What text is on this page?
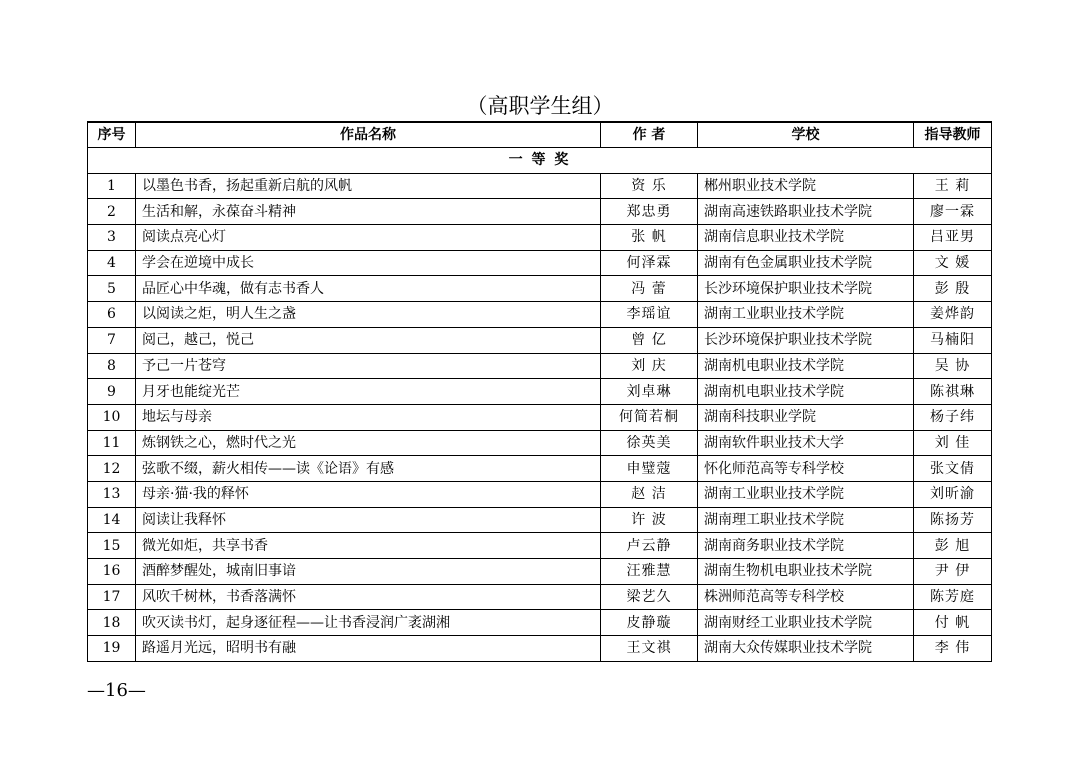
（高职学生组）
序号	作品名称	作 者	学校	指导教师
一 等 奖				
1	以墨色书香，扬起重新启航的风帆	资 乐	郴州职业技术学院	王 莉
2	生活和解，永葆奋斗精神	郑忠勇	湖南高速铁路职业技术学院	廖一霖
3	阅读点亮心灯	张 帆	湖南信息职业技术学院	吕亚男
4	学会在逆境中成长	何泽霖	湖南有色金属职业技术学院	文 媛
5	品匠心中华魂，做有志书香人	冯 蕾	长沙环境保护职业技术学院	彭 殷
6	以阅读之炬，明人生之盏	李瑶谊	湖南工业职业技术学院	姜烨韵
7	阅己，越己，悦己	曾 亿	长沙环境保护职业技术学院	马楠阳
8	予己一片苍穹	刘 庆	湖南机电职业技术学院	吴 协
9	月牙也能绽光芒	刘卓琳	湖南机电职业技术学院	陈祺琳
10	地坛与母亲	何简若桐	湖南科技职业学院	杨子纬
11	炼钢铁之心，燃时代之光	徐英美	湖南软件职业技术大学	刘 佳
12	弦歌不缀，薪火相传——读《论语》有感	申璧蔻	怀化师范高等专科学校	张文倩
13	母亲·猫·我的释怀	赵 洁	湖南工业职业技术学院	刘昕渝
14	阅读让我释怀	许 波	湖南理工职业技术学院	陈扬芳
15	微光如炬，共享书香	卢云静	湖南商务职业技术学院	彭 旭
16	酒醉梦醒处，城南旧事谙	汪雅慧	湖南生物机电职业技术学院	尹 伊
17	风吹千树林，书香落满怀	梁艺久	株洲师范高等专科学校	陈芳庭
18	吹灭读书灯，起身逐征程——让书香浸润广袤湖湘	皮静璇	湖南财经工业职业技术学院	付 帆
19	路遥月光远，昭明书有融	王文祺	湖南大众传媒职业技术学院	李 伟
—16—
